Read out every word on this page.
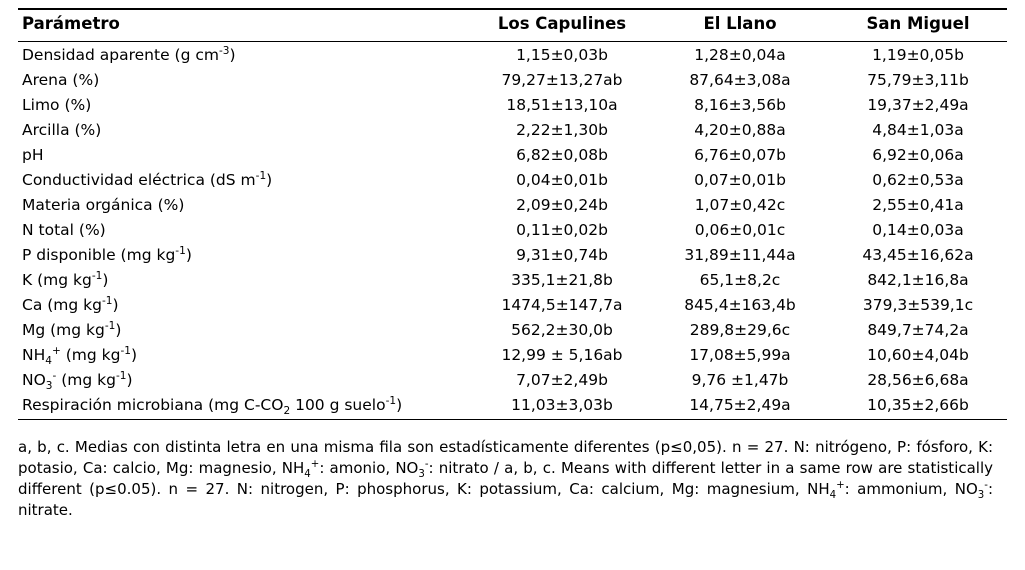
Parámetro	Los Capulines	El Llano	San Miguel
Densidad aparente (g $cm^{-3}$)	1,15±0,03b	1,28±0,04a	1,19±0,05b
Arena (%)	79,27±13,27ab	87,64±3,08a	75,79±3,11b
Limo (%)	18,51±13,10a	8,16±3,56b	19,37±2,49a
Arcilla (%)	2,22±1,30b	4,20±0,88a	4,84±1,03a
pH	6,82±0,08b	6,76±0,07b	6,92±0,06a
Conductividad eléctrica (dS $m^{-1}$)	0,04±0,01b	0,07±0,01b	0,62±0,53a
Materia orgánica (%)	2,09±0,24b	1,07±0,42c	2,55±0,41a
N total (%)	0,11±0,02b	0,06±0,01c	0,14±0,03a
P disponible (mg $kg^{-1}$)	9,31±0,74b	31,89±11,44a	43,45±16,62a
K (mg $kg^{-1}$)	335,1±21,8b	65,1±8,2c	842,1±16,8a
Ca (mg $kg^{-1}$)	1474,5±147,7a	845,4±163,4b	379,3±539,1c
Mg (mg $kg^{-1}$)	562,2±30,0b	289,8±29,6c	849,7±74,2a
$NH_4^+$ (mg $kg^{-1}$)	12,99 ± 5,16ab	17,08±5,99a	10,60±4,04b
$NO_3^-$ (mg $kg^{-1}$)	7,07±2,49b	9,76 ±1,47b	28,56±6,68a
Respiración microbiana (mg $C-CO_2$ 100 g suelo$^{-1}$)	11,03±3,03b	14,75±2,49a	10,35±2,66b
a, b, c. Medias con distinta letra en una misma fila son estadísticamente diferentes (p≤0,05). n = 27. N: nitrógeno, P: fósforo, K: potasio, Ca: calcio, Mg: magnesio, $NH_4^+$: amonio, $NO_3^-$: nitrato / a, b, c. Means with different letter in a same row are statistically different (p≤0.05). n = 27. N: nitrogen, P: phosphorus, K: potassium, Ca: calcium, Mg: magnesium, $NH_4^+$: ammonium, $NO_3^-$: nitrate.
